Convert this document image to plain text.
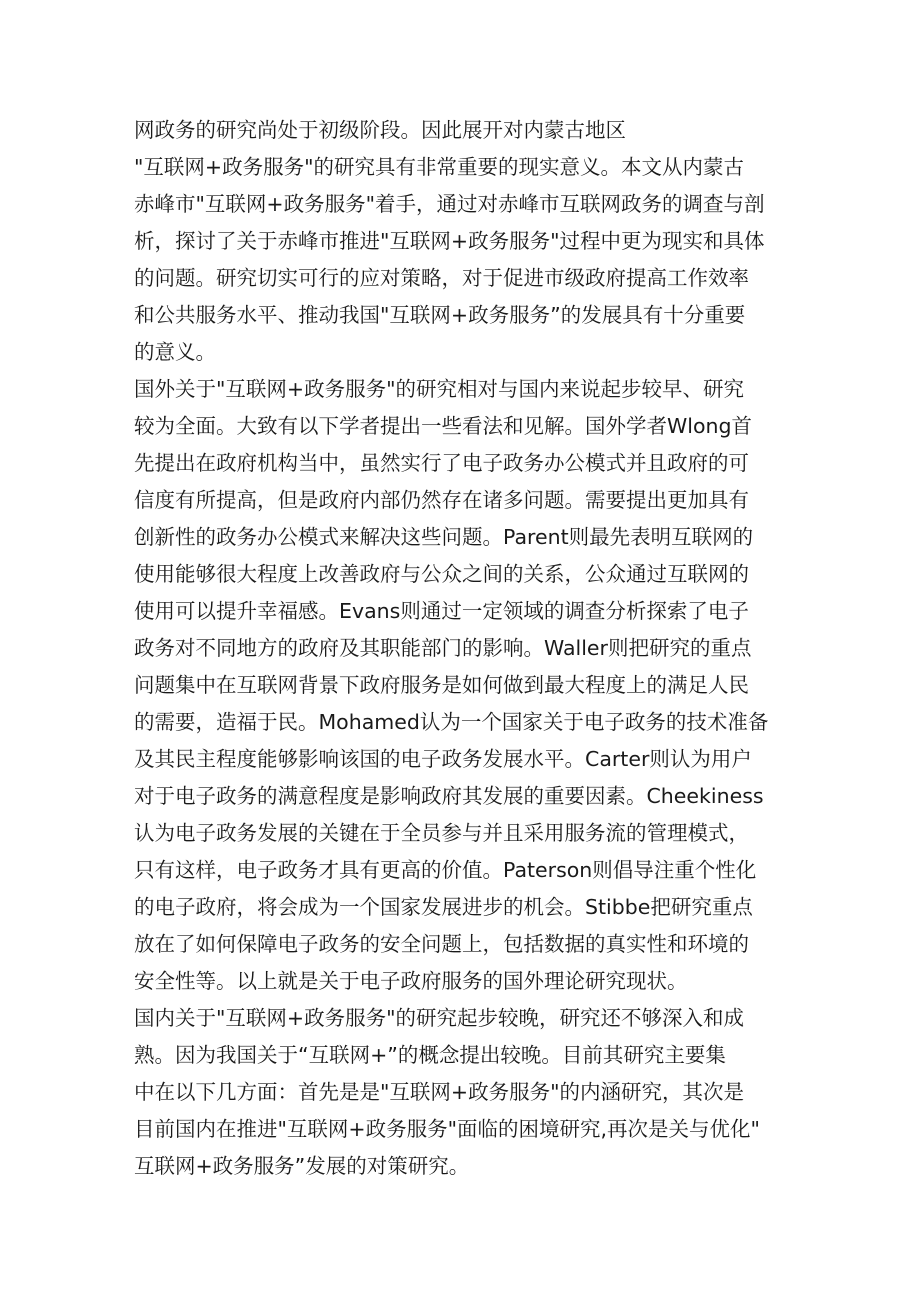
网政务的研究尚处于初级阶段。因此展开对内蒙古地区
"互联网+政务服务"的研究具有非常重要的现实意义。本文从内蒙古
赤峰市"互联网+政务服务"着手，通过对赤峰市互联网政务的调查与剖
析，探讨了关于赤峰市推进"互联网+政务服务"过程中更为现实和具体
的问题。研究切实可行的应对策略，对于促进市级政府提高工作效率
和公共服务水平、推动我国"互联网+政务服务”的发展具有十分重要
的意义。
国外关于"互联网+政务服务"的研究相对与国内来说起步较早、研究
较为全面。大致有以下学者提出一些看法和见解。国外学者Wlong首
先提出在政府机构当中，虽然实行了电子政务办公模式并且政府的可
信度有所提高，但是政府内部仍然存在诸多问题。需要提出更加具有
创新性的政务办公模式来解决这些问题。Parent则最先表明互联网的
使用能够很大程度上改善政府与公众之间的关系，公众通过互联网的
使用可以提升幸福感。Evans则通过一定领域的调查分析探索了电子
政务对不同地方的政府及其职能部门的影响。Waller则把研究的重点
问题集中在互联网背景下政府服务是如何做到最大程度上的满足人民
的需要，造福于民。Mohamed认为一个国家关于电子政务的技术准备
及其民主程度能够影响该国的电子政务发展水平。Carter则认为用户
对于电子政务的满意程度是影响政府其发展的重要因素。Cheekiness
认为电子政务发展的关键在于全员参与并且采用服务流的管理模式，
只有这样，电子政务才具有更高的价值。Paterson则倡导注重个性化
的电子政府，将会成为一个国家发展进步的机会。Stibbe把研究重点
放在了如何保障电子政务的安全问题上，包括数据的真实性和环境的
安全性等。以上就是关于电子政府服务的国外理论研究现状。
国内关于"互联网+政务服务"的研究起步较晚，研究还不够深入和成
熟。因为我国关于“互联网+”的概念提出较晚。目前其研究主要集
中在以下几方面：首先是是"互联网+政务服务"的内涵研究，其次是
目前国内在推进"互联网+政务服务"面临的困境研究,再次是关与优化"
互联网+政务服务”发展的对策研究。
